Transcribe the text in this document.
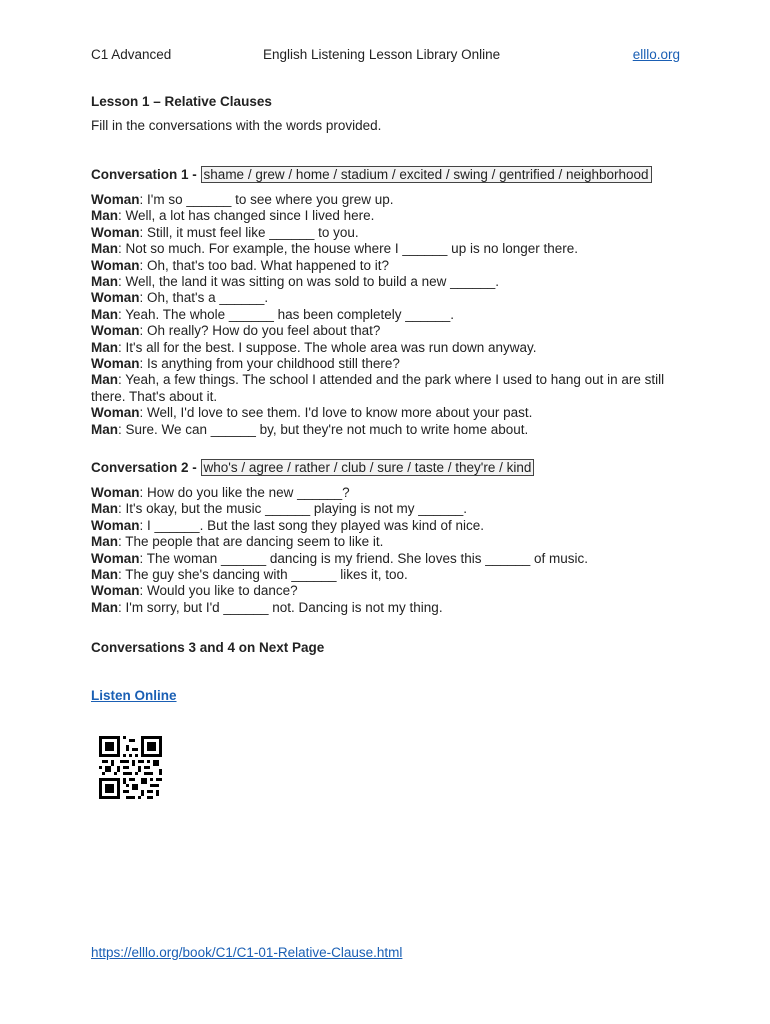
C1 Advanced	English Listening Lesson Library Online	elllo.org
Lesson 1 – Relative Clauses
Fill in the conversations with the words provided.
Conversation 1 - shame / grew / home / stadium / excited / swing / gentrified / neighborhood
Woman: I'm so ______ to see where you grew up.
Man: Well, a lot has changed since I lived here.
Woman: Still, it must feel like ______ to you.
Man: Not so much. For example, the house where I ______ up is no longer there.
Woman: Oh, that's too bad. What happened to it?
Man: Well, the land it was sitting on was sold to build a new ______.
Woman: Oh, that's a ______.
Man: Yeah. The whole ______ has been completely ______.
Woman: Oh really? How do you feel about that?
Man: It's all for the best. I suppose. The whole area was run down anyway.
Woman: Is anything from your childhood still there?
Man: Yeah, a few things. The school I attended and the park where I used to hang out in are still there. That's about it.
Woman: Well, I'd love to see them. I'd love to know more about your past.
Man: Sure. We can ______ by, but they're not much to write home about.
Conversation 2 - who's / agree / rather / club / sure / taste / they're / kind
Woman: How do you like the new ______?
Man: It's okay, but the music ______ playing is not my ______.
Woman: I ______. But the last song they played was kind of nice.
Man: The people that are dancing seem to like it.
Woman: The woman ______ dancing is my friend. She loves this ______ of music.
Man: The guy she's dancing with ______ likes it, too.
Woman: Would you like to dance?
Man: I'm sorry, but I'd ______ not. Dancing is not my thing.
Conversations 3 and 4 on Next Page
Listen Online
https://elllo.org/book/C1/C1-01-Relative-Clause.html
